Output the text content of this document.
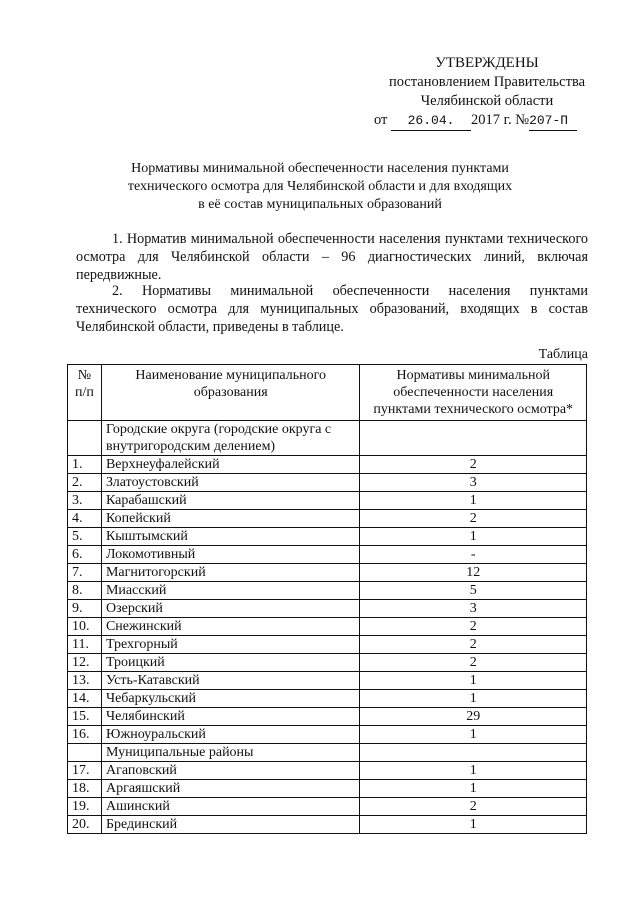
УТВЕРЖДЕНЫ
постановлением Правительства
Челябинской области
от 26.04. 2017 г. №207-П
Нормативы минимальной обеспеченности населения пунктами
технического осмотра для Челябинской области и для входящих
в её состав муниципальных образований
1. Норматив минимальной обеспеченности населения пунктами технического осмотра для Челябинской области – 96 диагностических линий, включая передвижные.
2. Нормативы минимальной обеспеченности населения пунктами технического осмотра для муниципальных образований, входящих в состав Челябинской области, приведены в таблице.
Таблица
№ п/п	Наименование муниципального образования	Нормативы минимальной обеспеченности населения пунктами технического осмотра*
	Городские округа (городские округа с внутригородским делением)	
1.	Верхнеуфалейский	2
2.	Златоустовский	3
3.	Карабашский	1
4.	Копейский	2
5.	Кыштымский	1
6.	Локомотивный	-
7.	Магнитогорский	12
8.	Миасский	5
9.	Озерский	3
10.	Снежинский	2
11.	Трехгорный	2
12.	Троицкий	2
13.	Усть-Катавский	1
14.	Чебаркульский	1
15.	Челябинский	29
16.	Южноуральский	1
	Муниципальные районы	
17.	Агаповский	1
18.	Аргаяшский	1
19.	Ашинский	2
20.	Брединский	1
